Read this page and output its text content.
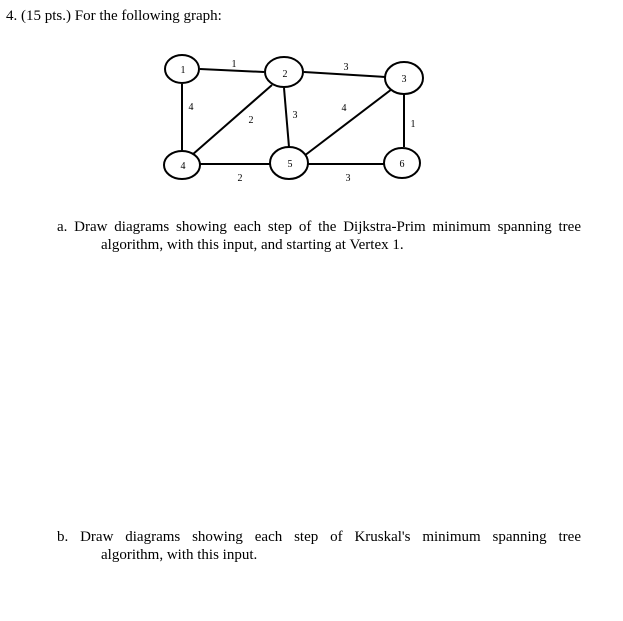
4. (15 pts.) For the following graph:
1	2	3
4	5	6
1	3
4
2	3
4
1
2	3
a. Draw diagrams showing each step of the Dijkstra-Prim minimum spanning tree
algorithm, with this input, and starting at Vertex 1.
b. Draw diagrams showing each step of Kruskal's minimum spanning tree
algorithm, with this input.
